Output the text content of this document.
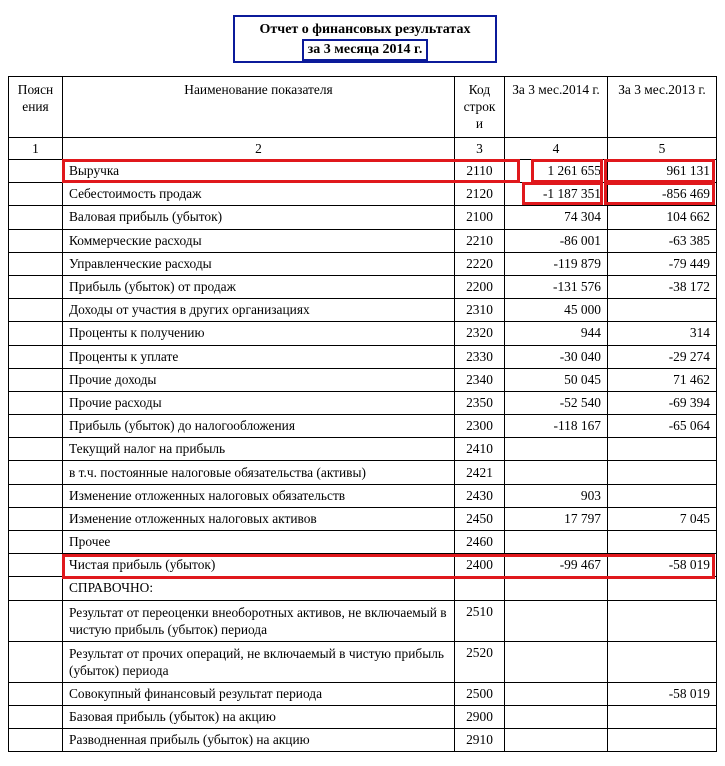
Отчет о финансовых результатах
за 3 месяца 2014 г.
Поясн ения	Наименование показателя	Код строк и	За 3 мес.2014 г.	За 3 мес.2013 г.
1	2	3	4	5
	Выручка	2110	1 261 655	961 131
	Себестоимость продаж	2120	-1 187 351	-856 469
	Валовая прибыль (убыток)	2100	74 304	104 662
	Коммерческие расходы	2210	-86 001	-63 385
	Управленческие расходы	2220	-119 879	-79 449
	Прибыль (убыток) от продаж	2200	-131 576	-38 172
	Доходы от участия в других организациях	2310	45 000	
	Проценты к получению	2320	944	314
	Проценты к уплате	2330	-30 040	-29 274
	Прочие доходы	2340	50 045	71 462
	Прочие расходы	2350	-52 540	-69 394
	Прибыль (убыток) до налогообложения	2300	-118 167	-65 064
	Текущий налог на прибыль	2410		
	в т.ч. постоянные налоговые обязательства (активы)	2421		
	Изменение отложенных налоговых обязательств	2430	903	
	Изменение отложенных налоговых активов	2450	17 797	7 045
	Прочее	2460		
	Чистая прибыль (убыток)	2400	-99 467	-58 019
	СПРАВОЧНО:			
	Результат от переоценки внеоборотных активов, не включаемый в чистую прибыль (убыток) периода	2510		
	Результат от прочих операций, не включаемый в чистую прибыль (убыток) периода	2520		
	Совокупный финансовый результат периода	2500		-58 019
	Базовая прибыль (убыток) на акцию	2900		
	Разводненная прибыль (убыток) на акцию	2910		
